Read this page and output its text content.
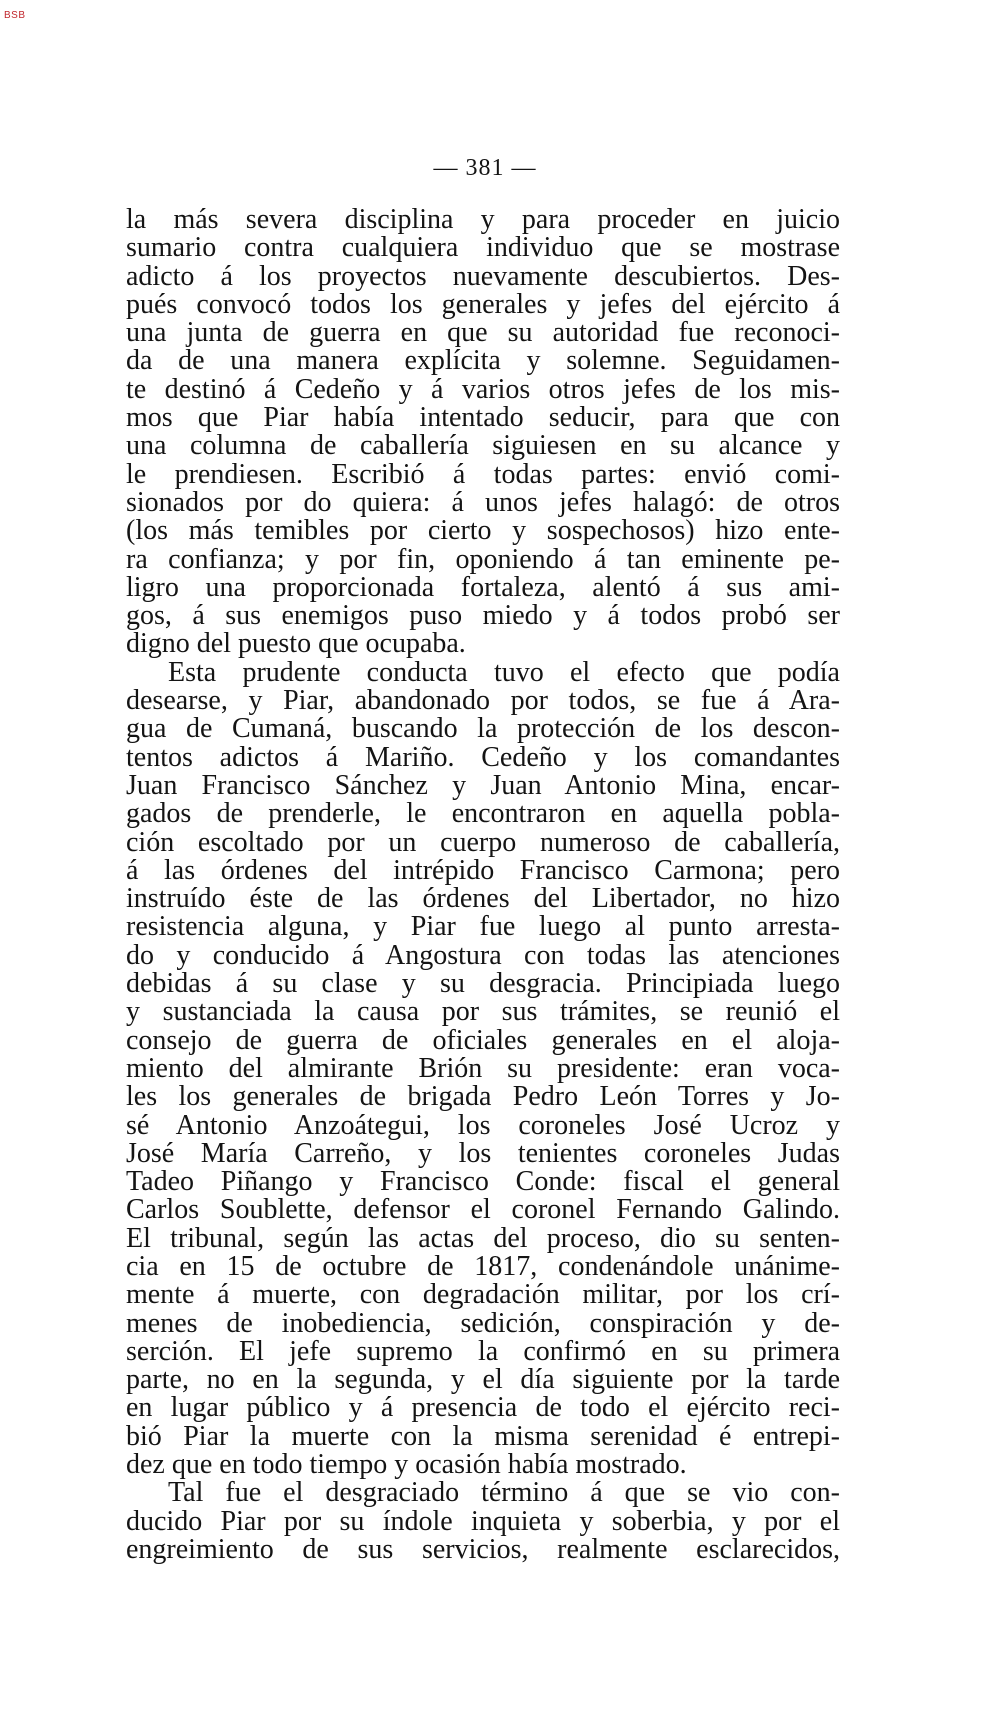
BSB
— 381 —
la más severa disciplina y para proceder en juicio
sumario contra cualquiera individuo que se mostrase
adicto á los proyectos nuevamente descubiertos. Des-
pués convocó todos los generales y jefes del ejército á
una junta de guerra en que su autoridad fue reconoci-
da de una manera explícita y solemne. Seguidamen-
te destinó á Cedeño y á varios otros jefes de los mis-
mos que Piar había intentado seducir, para que con
una columna de caballería siguiesen en su alcance y
le prendiesen. Escribió á todas partes: envió comi-
sionados por do quiera: á unos jefes halagó: de otros
(los más temibles por cierto y sospechosos) hizo ente-
ra confianza; y por fin, oponiendo á tan eminente pe-
ligro una proporcionada fortaleza, alentó á sus ami-
gos, á sus enemigos puso miedo y á todos probó ser
digno del puesto que ocupaba.
Esta prudente conducta tuvo el efecto que podía
desearse, y Piar, abandonado por todos, se fue á Ara-
gua de Cumaná, buscando la protección de los descon-
tentos adictos á Mariño. Cedeño y los comandantes
Juan Francisco Sánchez y Juan Antonio Mina, encar-
gados de prenderle, le encontraron en aquella pobla-
ción escoltado por un cuerpo numeroso de caballería,
á las órdenes del intrépido Francisco Carmona; pero
instruído éste de las órdenes del Libertador, no hizo
resistencia alguna, y Piar fue luego al punto arresta-
do y conducido á Angostura con todas las atenciones
debidas á su clase y su desgracia. Principiada luego
y sustanciada la causa por sus trámites, se reunió el
consejo de guerra de oficiales generales en el aloja-
miento del almirante Brión su presidente: eran voca-
les los generales de brigada Pedro León Torres y Jo-
sé Antonio Anzoátegui, los coroneles José Ucroz y
José María Carreño, y los tenientes coroneles Judas
Tadeo Piñango y Francisco Conde: fiscal el general
Carlos Soublette, defensor el coronel Fernando Galindo.
El tribunal, según las actas del proceso, dio su senten-
cia en 15 de octubre de 1817, condenándole unánime-
mente á muerte, con degradación militar, por los crí-
menes de inobediencia, sedición, conspiración y de-
serción. El jefe supremo la confirmó en su primera
parte, no en la segunda, y el día siguiente por la tarde
en lugar público y á presencia de todo el ejército reci-
bió Piar la muerte con la misma serenidad é entrepi-
dez que en todo tiempo y ocasión había mostrado.
Tal fue el desgraciado término á que se vio con-
ducido Piar por su índole inquieta y soberbia, y por el
engreimiento de sus servicios, realmente esclarecidos,
